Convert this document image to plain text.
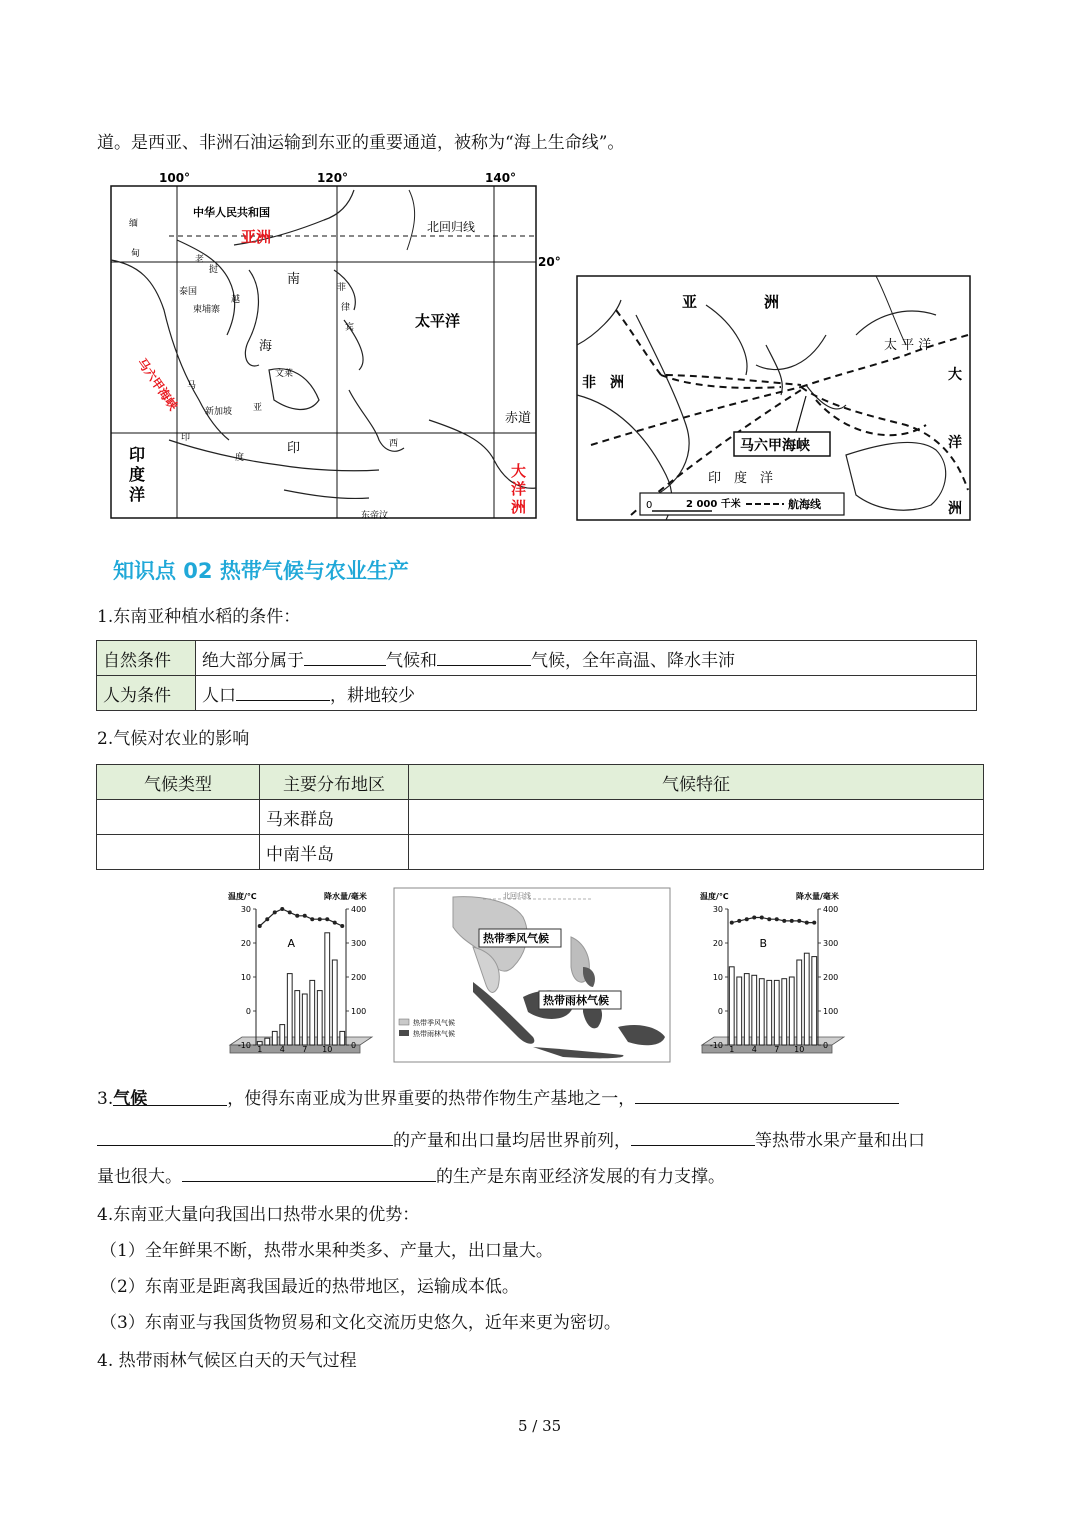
道。是西亚、非洲石油运输到东亚的重要通道，被称为“海上生命线”。
100°	120°	140°
20°
中华人民共和国
北回归线
亚洲
太平洋
赤道
南
海
印
缅
甸
泰国
柬埔寨
越
老
挝
菲
律
宾
文莱
新加坡
马
亚
印
度
西
东帝汶
印
度
洋
大
洋
洲
马六甲海峡
亚	洲
非　洲
太 平 洋
大
洋
洲
马六甲海峡
印　度　洋
0	2 000 千米	航海线
知识点 02 热带气候与农业生产
1.东南亚种植水稻的条件：
自然条件	绝大部分属于 气候和 气候，全年高温、降水丰沛
人为条件	人口 ，耕地较少
2.气候对农业的影响
气候类型	主要分布地区	气候特征
	马来群岛	
	中南半岛	
温度/℃	降水量/毫米
30
20
10
0
-10
400
300
200
100
0
1 4 7 10
A
北回归线
热带季风气候
热带雨林气候
热带季风气候
热带雨林气候
温度/℃	降水量/毫米
30
20
10
0
-10
400
300
200
100
0
1 4 7 10
B
3.气候	，使得东南亚成为世界重要的热带作物生产基地之一，
的产量和出口量均居世界前列，	等热带水果产量和出口
量也很大。	的生产是东南亚经济发展的有力支撑。
4.东南亚大量向我国出口热带水果的优势：
（1）全年鲜果不断，热带水果种类多、产量大，出口量大。
（2）东南亚是距离我国最近的热带地区，运输成本低。
（3）东南亚与我国货物贸易和文化交流历史悠久，近年来更为密切。
4. 热带雨林气候区白天的天气过程
5 / 35
